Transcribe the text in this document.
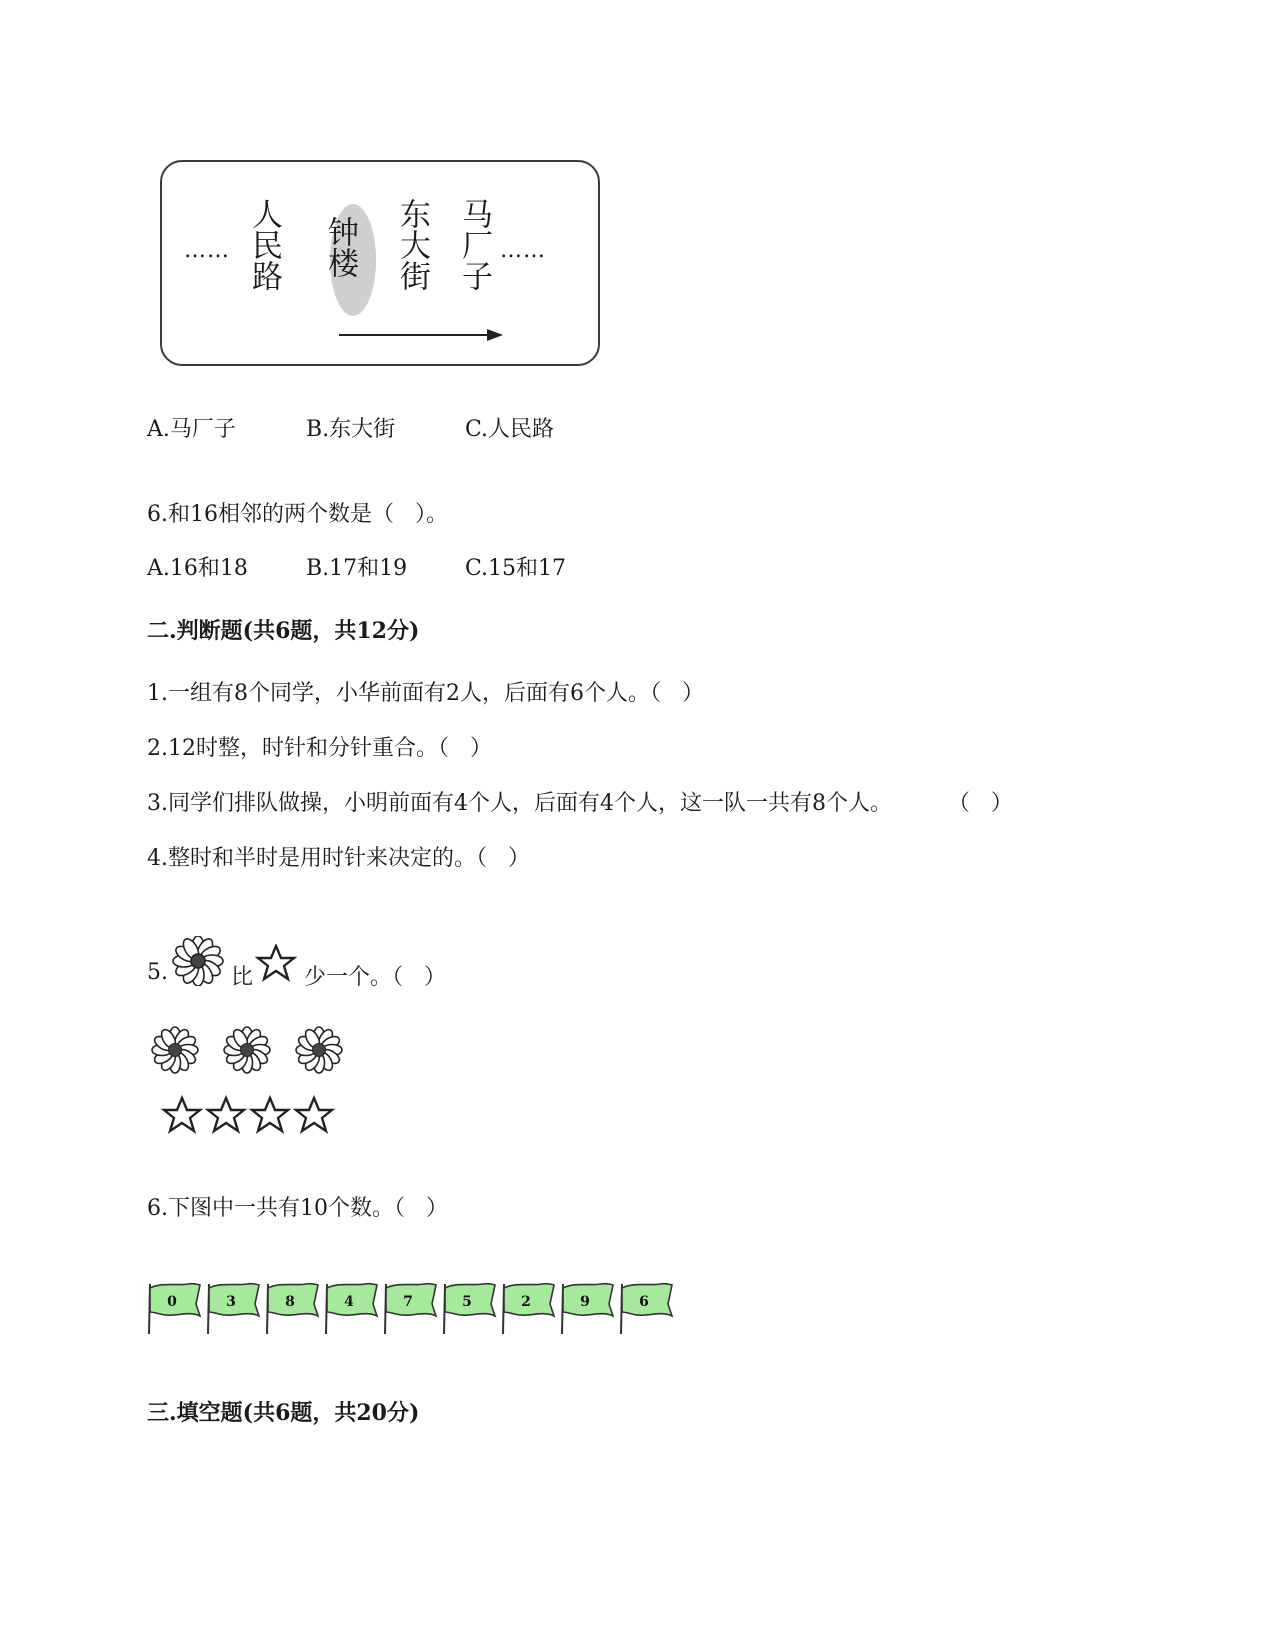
…… 人民路 钟楼 东大街 马厂子 ……
A.马厂子	B.东大街	C.人民路
6.和16相邻的两个数是（   ）。
A.16和18	B.17和19	C.15和17
二.判断题(共6题，共12分)
1.一组有8个同学，小华前面有2人，后面有6个人。（   ）
2.12时整，时针和分针重合。（   ）
3.同学们排队做操，小明前面有4个人，后面有4个人，这一队一共有8个人。        （   ）
4.整时和半时是用时针来决定的。（   ）
5.	比 少一个。（   ）
6.下图中一共有10个数。（   ）
0	3	8	4	7	5	2	9	6
三.填空题(共6题，共20分)
